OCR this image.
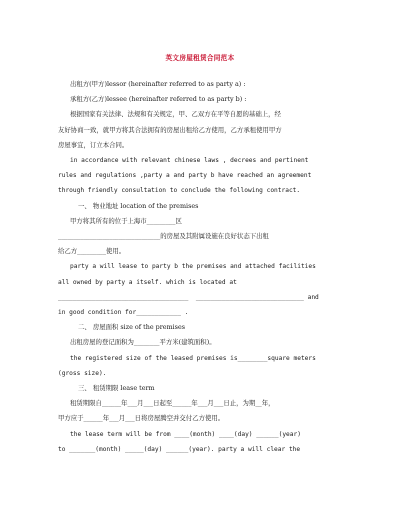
英文房屋租赁合同范本

出租方(甲方)lessor (hereinafter referred to as party a) :

承租方(乙方)lessee (hereinafter referred to as party b) :

根据国家有关法律、法规和有关规定，甲、乙双方在平等自愿的基础上，经

友好协商一致，就甲方将其合法拥有的房屋出租给乙方使用，乙方承租使用甲方

房屋事宜，订立本合同。

in accordance with relevant chinese laws , decrees and pertinent

rules and regulations ,party a and party b have reached an agreement

through friendly consultation to conclude the following contract.

一、 物业地址 location of the premises

甲方将其所有的位于上海市_________区

________________________________的房屋及其附属设施在良好状态下出租

给乙方_________使用。

party a will lease to party b the premises and attached facilities

all owned by party a itself. which is located at

___________________________________  _____________________________ and

in good condition for____________ .

二、 房屋面积 size of the premises

出租房屋的登记面积为________平方米(建筑面积)。

the registered size of the leased premises is________square meters

(gross size).

三、 租赁期限 lease term

租赁期限自______年___月___日起至______年___月___日止，为期__年，

甲方应于______年___月___日将房屋腾空并交付乙方使用。

the lease term will be from ____(month) ____(day) ______(year)

to _______(month) _____(day) ______(year). party a will clear the
